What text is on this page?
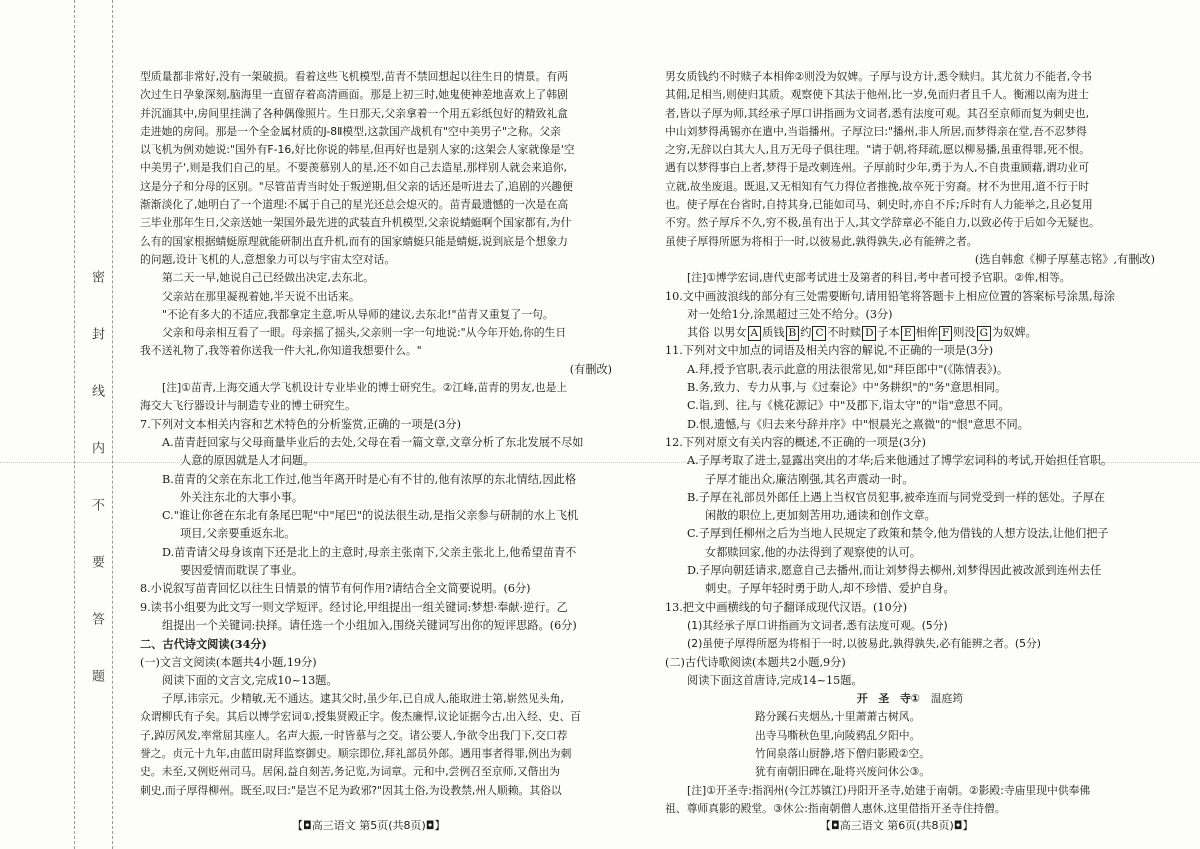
密封线内不要答题

型质量都非常好,没有一架破损。看着这些飞机模型,苗青不禁回想起以往生日的情景。有两

次过生日孕象深刻,脑海里一直留存着高清画面。那是上初三时,她鬼使神差地喜欢上了韩剧

并沉湎其中,房间里挂满了各种偶像照片。生日那天,父亲拿着一个用五彩纸包好的精致礼盒

走进她的房间。那是一个全金属材质的J-8Ⅱ模型,这款国产战机有"空中美男子"之称。父亲

以飞机为例劝她说:"国外有F-16,好比你说的韩星,但再好也是别人家的;这架会人家就像是'空

中美男子',则是我们自己的星。不要羡慕别人的星,还不如自己去造星,那样别人就会来追你,

这是分子和分母的区别。"尽管苗青当时处于叛逆期,但父亲的话还是听进去了,追剧的兴趣便

渐渐淡化了,她明白了一个道理:不属于自己的星光还总会熄灭的。苗青最遗憾的一次是在高

三毕业那年生日,父亲送她一架国外最先进的武装直升机模型,父亲说蜻蜓啊个国家都有,为什

么有的国家根据蜻蜓原理就能研制出直升机,而有的国家蜻蜓只能是蜻蜓,说到底是个想象力

的问题,设计飞机的人,意想象力可以与宇宙太空对话。

第二天一早,她说自己已经做出决定,去东北。

父亲站在那里凝视着她,半天说不出话来。

"不论有多大的不适应,我都拿定主意,听从导师的建议,去东北!"苗青又重复了一句。

父亲和母亲相互看了一眼。母亲摇了摇头,父亲则一字一句地说:"从今年开始,你的生日

我不送礼物了,我等着你送我一件大礼,你知道我想要什么。"

(有删改)

[注]①苗青,上海交通大学飞机设计专业毕业的博士研究生。②江峰,苗青的男友,也是上

海交大飞行器设计与制造专业的博士研究生。

7.下列对文本相关内容和艺术特色的分析鉴赏,正确的一项是(3分)

A.苗青赶回家与父母商量毕业后的去处,父母在看一篇文章,文章分析了东北发展不尽如

人意的原因就是人才问题。

B.苗青的父亲在东北工作过,他当年离开时是心有不甘的,他有浓厚的东北情结,因此格

外关注东北的大事小事。

C."谁让你爸在东北有条尾巴呢"中"尾巴"的说法很生动,是指父亲参与研制的水上飞机

项目,父亲要重返东北。

D.苗青请父母身该南下还是北上的主意时,母亲主张南下,父亲主张北上,他希望苗青不

要因爱情而耽误了事业。

8.小说叙写苗青回忆以往生日情景的情节有何作用?请结合全文简要说明。(6分)

9.读书小组要为此文写一则文学短评。经讨论,甲组提出一组关键词:梦想·奉献·逆行。乙

组提出一个关键词:抉择。请任选一个小组加入,围绕关键词写出你的短评思路。(6分)

二、古代诗文阅读(34分)

(一)文言文阅读(本题共4小题,19分)

阅读下面的文言文,完成10~13题。

子厚,讳宗元。少精敏,无不通达。逮其父时,虽少年,已自成人,能取进士第,崭然见头角,

众谓柳氏有子矣。其后以博学宏词①,授集贤殿正字。俊杰廉悍,议论证据今古,出入经、史、百

子,踔厉风发,率常屈其座人。名声大振,一时皆慕与之交。诸公要人,争欲令出我门下,交口荐

誉之。贞元十九年,由蓝田尉拜监察御史。顺宗即位,拜礼部员外郎。遇用事者得罪,例出为刺

史。未至,又例贬州司马。居闲,益自刻苦,务记览,为词章。元和中,尝例召至京师,又偕出为

刺史,而子厚得柳州。既至,叹曰:"是岂不足为政邪?"因其土俗,为设教禁,州人顺赖。其俗以

【◘高三语文 第5页(共8页)◘】

男女质钱约不时赎子本相侔②则没为奴婢。子厚与设方计,悉令赎归。其尤贫力不能者,令书

其佣,足相当,则使归其质。观察使下其法于他州,比一岁,免而归者且千人。衡湘以南为进士

者,皆以子厚为师,其经承子厚口讲指画为文词者,悉有法度可观。其召至京师而复为刺史也,

中山刘梦得禹锡亦在遣中,当诣播州。子厚泣曰:"播州,非人所居,而梦得亲在堂,吾不忍梦得

之穷,无辞以白其大人,且万无母子俱往理。"请于朝,将拜疏,愿以柳易播,虽重得罪,死不恨。

遇有以梦得事白上者,梦得于是改刺连州。子厚前时少年,勇于为人,不自贵重顾藉,谓功业可

立就,故坐废退。既退,又无相知有气力得位者推挽,故卒死于穷裔。材不为世用,道不行于时

也。使子厚在台省时,自持其身,已能如司马、刺史时,亦自不斥;斥时有人力能举之,且必复用

不穷。然子厚斥不久,穷不极,虽有出于人,其文学辞章必不能自力,以致必传于后如今无疑也。

虽使子厚得所愿为将相于一时,以彼易此,孰得孰失,必有能辨之者。

(选自韩愈《柳子厚墓志铭》,有删改)

[注]①博学宏词,唐代吏部考试进士及第者的科目,考中者可授予官职。②侔,相等。

10.文中画波浪线的部分有三处需要断句,请用铅笔将答题卡上相应位置的答案标号涂黑,每涂

对一处给1分,涂黑超过三处不给分。(3分)

其俗 以男女 A 质钱 B 约 C 不时赎 D 子本 E 相侔 F 则没 G 为奴婢。

11.下列对文中加点的词语及相关内容的解说,不正确的一项是(3分)

A.拜,授予官职,表示此意的用法很常见,如"拜臣郎中"(《陈情表》)。

B.务,致力、专力从事,与《过秦论》中"务耕织"的"务"意思相同。

C.诣,到、往,与《桃花源记》中"及郡下,诣太守"的"诣"意思不同。

D.恨,遗憾,与《归去来兮辞并序》中"恨晨光之熹微"的"恨"意思不同。

12.下列对原文有关内容的概述,不正确的一项是(3分)

A.子厚考取了进士,显露出突出的才华;后来他通过了博学宏词科的考试,开始担任官职。

子厚才能出众,廉洁刚强,其名声震动一时。

B.子厚在礼部员外郎任上遇上当权官员犯事,被牵连而与同党受到一样的惩处。子厚在

闲散的职位上,更加刻苦用功,通读和创作文章。

C.子厚到任柳州之后为当地人民规定了政策和禁令,他为借钱的人想方设法,让他们把子

女都赎回家,他的办法得到了观察使的认可。

D.子厚向朝廷请求,愿意自己去播州,而让刘梦得去柳州,刘梦得因此被改派到连州去任

刺史。子厚年轻时勇于助人,却不珍惜、爱护自身。

13.把文中画横线的句子翻译成现代汉语。(10分)

(1)其经承子厚口讲指画为文词者,悉有法度可观。(5分)

(2)虽使子厚得所愿为将相于一时,以彼易此,孰得孰失,必有能辨之者。(5分)

(二)古代诗歌阅读(本题共2小题,9分)

阅读下面这首唐诗,完成14~15题。

开　圣　寺①　 温庭筠

路分蹊石夹烟丛,十里萧萧古树风。

出寺马嘶秋色里,向陵鸦乱夕阳中。

竹间泉落山厨静,塔下僧归影殿②空。

犹有南朝旧碑在,耻将兴废问休公③。

[注]①开圣寺:指润州(今江苏镇江)丹阳开圣寺,始建于南朝。②影殿:寺庙里现中供奉佛

祖、尊师真影的殿堂。③休公:指南朝僧人惠休,这里借指开圣寺住持僧。

【◘高三语文 第6页(共8页)◘】
